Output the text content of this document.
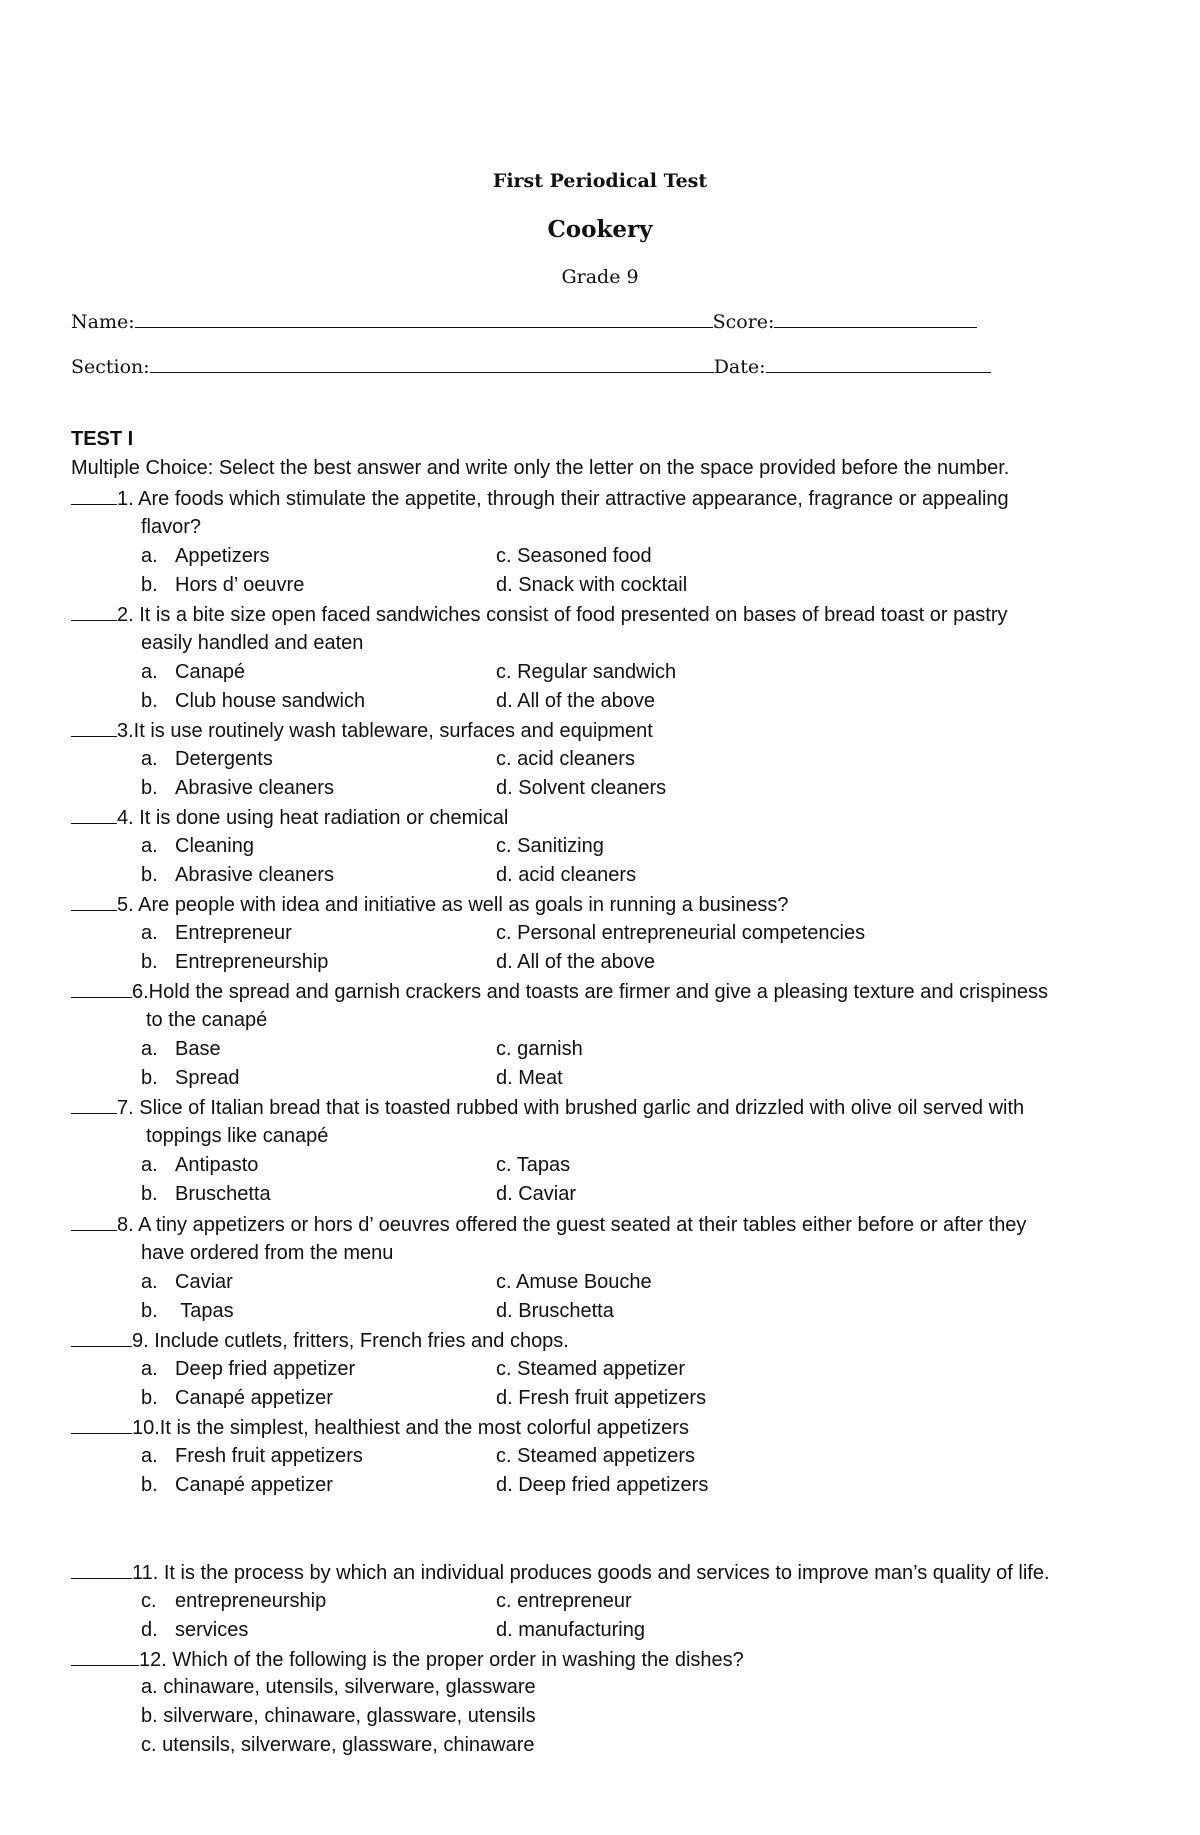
First Periodical Test
Cookery
Grade 9
Name:	Score:
Section:	Date:
TEST I
Multiple Choice: Select the best answer and write only the letter on the space provided before the number.
1. Are foods which stimulate the appetite, through their attractive appearance, fragrance or appealing
flavor?
a. Appetizers	c. Seasoned food
b. Hors d’ oeuvre	d. Snack with cocktail
2. It is a bite size open faced sandwiches consist of food presented on bases of bread toast or pastry
easily handled and eaten
a. Canapé	c. Regular sandwich
b. Club house sandwich	d. All of the above
3.It is use routinely wash tableware, surfaces and equipment
a. Detergents	c. acid cleaners
b. Abrasive cleaners	d. Solvent cleaners
4. It is done using heat radiation or chemical
a. Cleaning	c. Sanitizing
b. Abrasive cleaners	d. acid cleaners
5. Are people with idea and initiative as well as goals in running a business?
a. Entrepreneur	c. Personal entrepreneurial competencies
b. Entrepreneurship	d. All of the above
6.Hold the spread and garnish crackers and toasts are firmer and give a pleasing texture and crispiness
to the canapé
a. Base	c. garnish
b. Spread	d. Meat
7. Slice of Italian bread that is toasted rubbed with brushed garlic and drizzled with olive oil served with
toppings like canapé
a. Antipasto	c. Tapas
b. Bruschetta	d. Caviar
8. A tiny appetizers or hors d’ oeuvres offered the guest seated at their tables either before or after they
have ordered from the menu
a. Caviar	c. Amuse Bouche
b. Tapas	d. Bruschetta
9. Include cutlets, fritters, French fries and chops.
a. Deep fried appetizer	c. Steamed appetizer
b. Canapé appetizer	d. Fresh fruit appetizers
10.It is the simplest, healthiest and the most colorful appetizers
a. Fresh fruit appetizers	c. Steamed appetizers
b. Canapé appetizer	d. Deep fried appetizers
11. It is the process by which an individual produces goods and services to improve man’s quality of life.
c. entrepreneurship	c. entrepreneur
d. services	d. manufacturing
12. Which of the following is the proper order in washing the dishes?
a. chinaware, utensils, silverware, glassware
b. silverware, chinaware, glassware, utensils
c. utensils, silverware, glassware, chinaware
